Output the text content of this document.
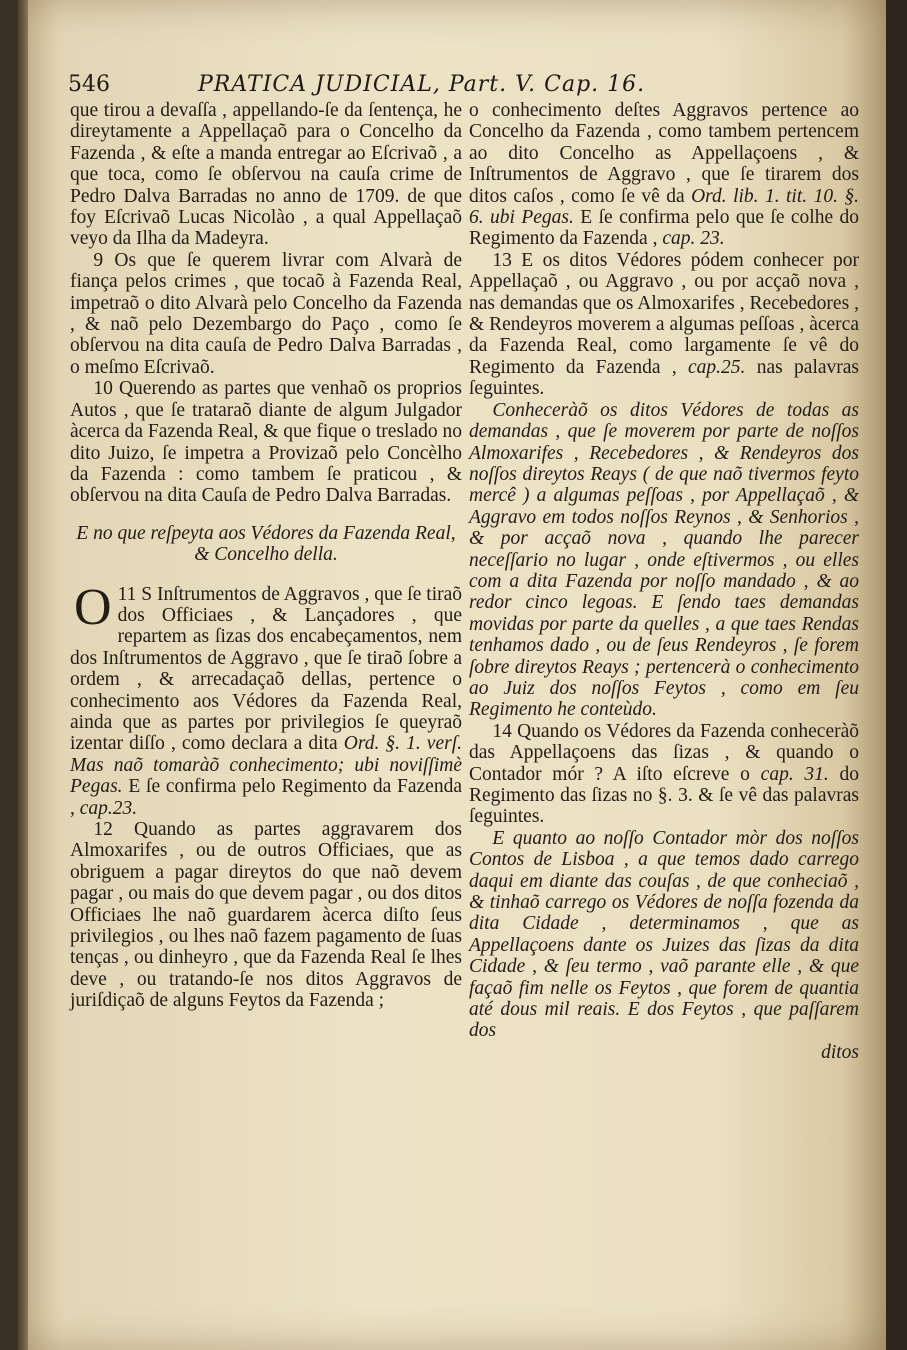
546	PRATICA JUDICIAL, Part. V. Cap. 16.

que tirou a devaſſa , appellando-ſe da ſentença, he direytamente a Appellaçaõ para o Concelho da Fazenda , & eſte a manda entregar ao Eſcrivaõ , a que toca, como ſe obſervou na cauſa crime de Pedro Dalva Barradas no anno de 1709. de que foy Eſcrivaõ Lucas Nicolào , a qual Appellaçaõ veyo da Ilha da Madeyra.

9 Os que ſe querem livrar com Alvarà de fiança pelos crimes , que tocaõ à Fazenda Real, impetraõ o dito Alvarà pelo Concelho da Fazenda , & naõ pelo Dezembargo do Paço , como ſe obſervou na dita cauſa de Pedro Dalva Barradas , o meſmo Eſcrivaõ.

10 Querendo as partes que venhaõ os proprios Autos , que ſe trataraõ diante de algum Julgador àcerca da Fazenda Real, & que fique o treslado no dito Juizo, ſe impetra a Provizaõ pelo Concèlho da Fazenda : como tambem ſe praticou , & obſervou na dita Cauſa de Pedro Dalva Barradas.

E no que reſpeyta aos Védores da Fazenda Real, & Concelho della.

11
O S Inſtrumentos de Aggravos , que ſe tiraõ dos Officiaes , & Lançadores , que repartem as ſizas dos encabeçamentos, nem dos Inſtrumentos de Aggravo , que ſe tiraõ ſobre a ordem , & arrecadaçaõ dellas, pertence o conhecimento aos Védores da Fazenda Real, ainda que as partes por privilegios ſe queyraõ izentar diſſo , como declara a dita Ord. §. 1. verſ. Mas naõ tomaràõ conhecimento; ubi noviſſimè Pegas. E ſe confirma pelo Regimento da Fazenda , cap.23.

12 Quando as partes aggravarem dos Almoxarifes , ou de outros Officiaes, que as obriguem a pagar direytos do que naõ devem pagar , ou mais do que devem pagar , ou dos ditos Officiaes lhe naõ guardarem àcerca diſto ſeus privilegios , ou lhes naõ fazem pagamento de ſuas tenças , ou dinheyro , que da Fazenda Real ſe lhes deve , ou tratando-ſe nos ditos Aggravos de juriſdiçaõ de alguns Feytos da Fazenda ;

o conhecimento deſtes Aggravos pertence ao Concelho da Fazenda , como tambem pertencem ao dito Concelho as Appellaçoens , & Inſtrumentos de Aggravo , que ſe tirarem dos ditos caſos , como ſe vê da Ord. lib. 1. tit. 10. §. 6. ubi Pegas. E ſe confirma pelo que ſe colhe do Regimento da Fazenda , cap. 23.

13 E os ditos Védores pódem conhecer por Appellaçaõ , ou Aggravo , ou por acçaõ nova , nas demandas que os Almoxarifes , Recebedores , & Rendeyros moverem a algumas peſſoas , àcerca da Fazenda Real, como largamente ſe vê do Regimento da Fazenda , cap.25. nas palavras ſeguintes.

Conheceràõ os ditos Védores de todas as demandas , que ſe moverem por parte de noſſos Almoxarifes , Recebedores , & Rendeyros dos noſſos direytos Reays ( de que naõ tivermos feyto mercê ) a algumas peſſoas , por Appellaçaõ , & Aggravo em todos noſſos Reynos , & Senhorios , & por acçaõ nova , quando lhe parecer neceſſario no lugar , onde eſtivermos , ou elles com a dita Fazenda por noſſo mandado , & ao redor cinco legoas. E ſendo taes demandas movidas por parte da quelles , a que taes Rendas tenhamos dado , ou de ſeus Rendeyros , ſe forem ſobre direytos Reays ; pertencerà o conhecimento ao Juiz dos noſſos Feytos , como em ſeu Regimento he conteùdo.

14 Quando os Védores da Fazenda conheceràõ das Appellaçoens das ſizas , & quando o Contador mór ? A iſto eſcreve o cap. 31. do Regimento das ſizas no §. 3. & ſe vê das palavras ſeguintes.

E quanto ao noſſo Contador mòr dos noſſos Contos de Lisboa , a que temos dado carrego daqui em diante das couſas , de que conheciaõ , & tinhaõ carrego os Védores de noſſa fozenda da dita Cidade , determinamos , que as Appellaçoens dante os Juizes das ſizas da dita Cidade , & ſeu termo , vaõ parante elle , & que façaõ fim nelle os Feytos , que forem de quantia até dous mil reais. E dos Feytos , que paſſarem dos

ditos
